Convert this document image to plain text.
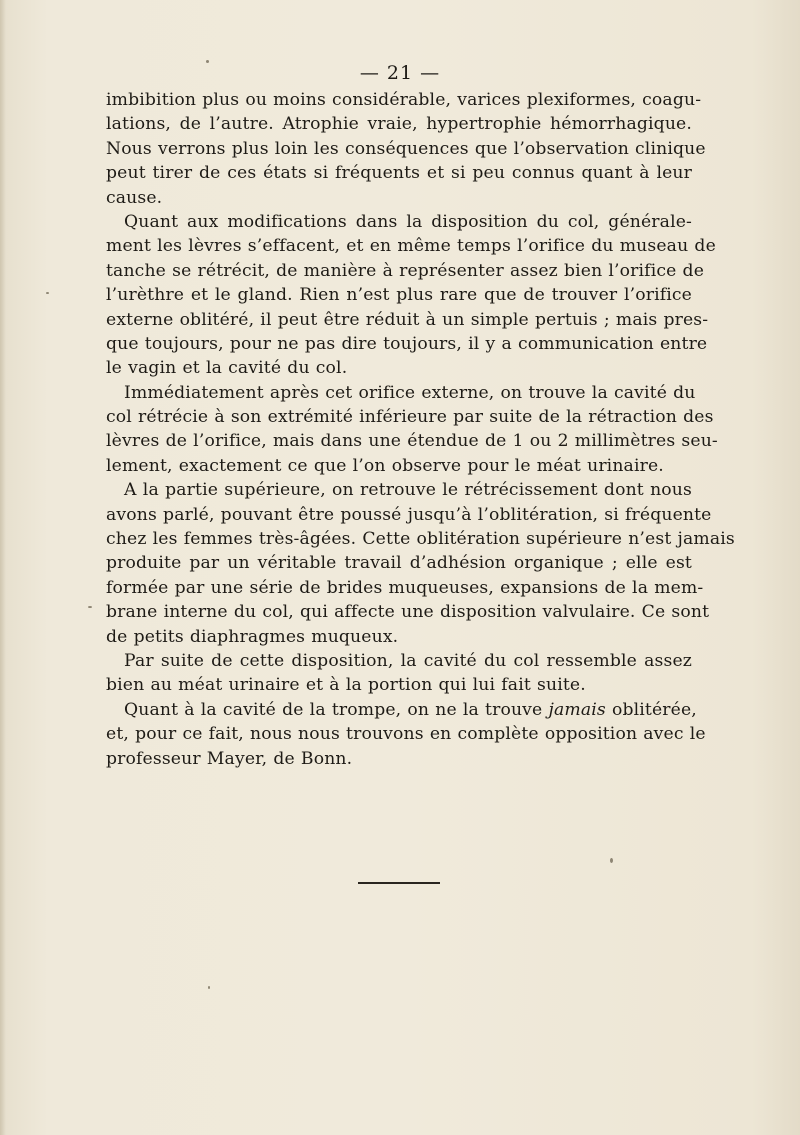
— 21 —
imbibition plus ou moins considérable, varices plexiformes, coagu-
lations, de l’autre. Atrophie vraie, hypertrophie hémorrhagique.
Nous verrons plus loin les conséquences que l’observation clinique
peut tirer de ces états si fréquents et si peu connus quant à leur
cause.
Quant aux modifications dans la disposition du col, générale-
ment les lèvres s’effacent, et en même temps l’orifice du museau de
tanche se rétrécit, de manière à représenter assez bien l’orifice de
l’urèthre et le gland. Rien n’est plus rare que de trouver l’orifice
externe oblitéré, il peut être réduit à un simple pertuis ; mais pres-
que toujours, pour ne pas dire toujours, il y a communication entre
le vagin et la cavité du col.
Immédiatement après cet orifice externe, on trouve la cavité du
col rétrécie à son extrémité inférieure par suite de la rétraction des
lèvres de l’orifice, mais dans une étendue de 1 ou 2 millimètres seu-
lement, exactement ce que l’on observe pour le méat urinaire.
A la partie supérieure, on retrouve le rétrécissement dont nous
avons parlé, pouvant être poussé jusqu’à l’oblitération, si fréquente
chez les femmes très-âgées. Cette oblitération supérieure n’est jamais
produite par un véritable travail d’adhésion organique ; elle est
formée par une série de brides muqueuses, expansions de la mem-
brane interne du col, qui affecte une disposition valvulaire. Ce sont
de petits diaphragmes muqueux.
Par suite de cette disposition, la cavité du col ressemble assez
bien au méat urinaire et à la portion qui lui fait suite.
Quant à la cavité de la trompe, on ne la trouve jamais oblitérée,
et, pour ce fait, nous nous trouvons en complète opposition avec le
professeur Mayer, de Bonn.
